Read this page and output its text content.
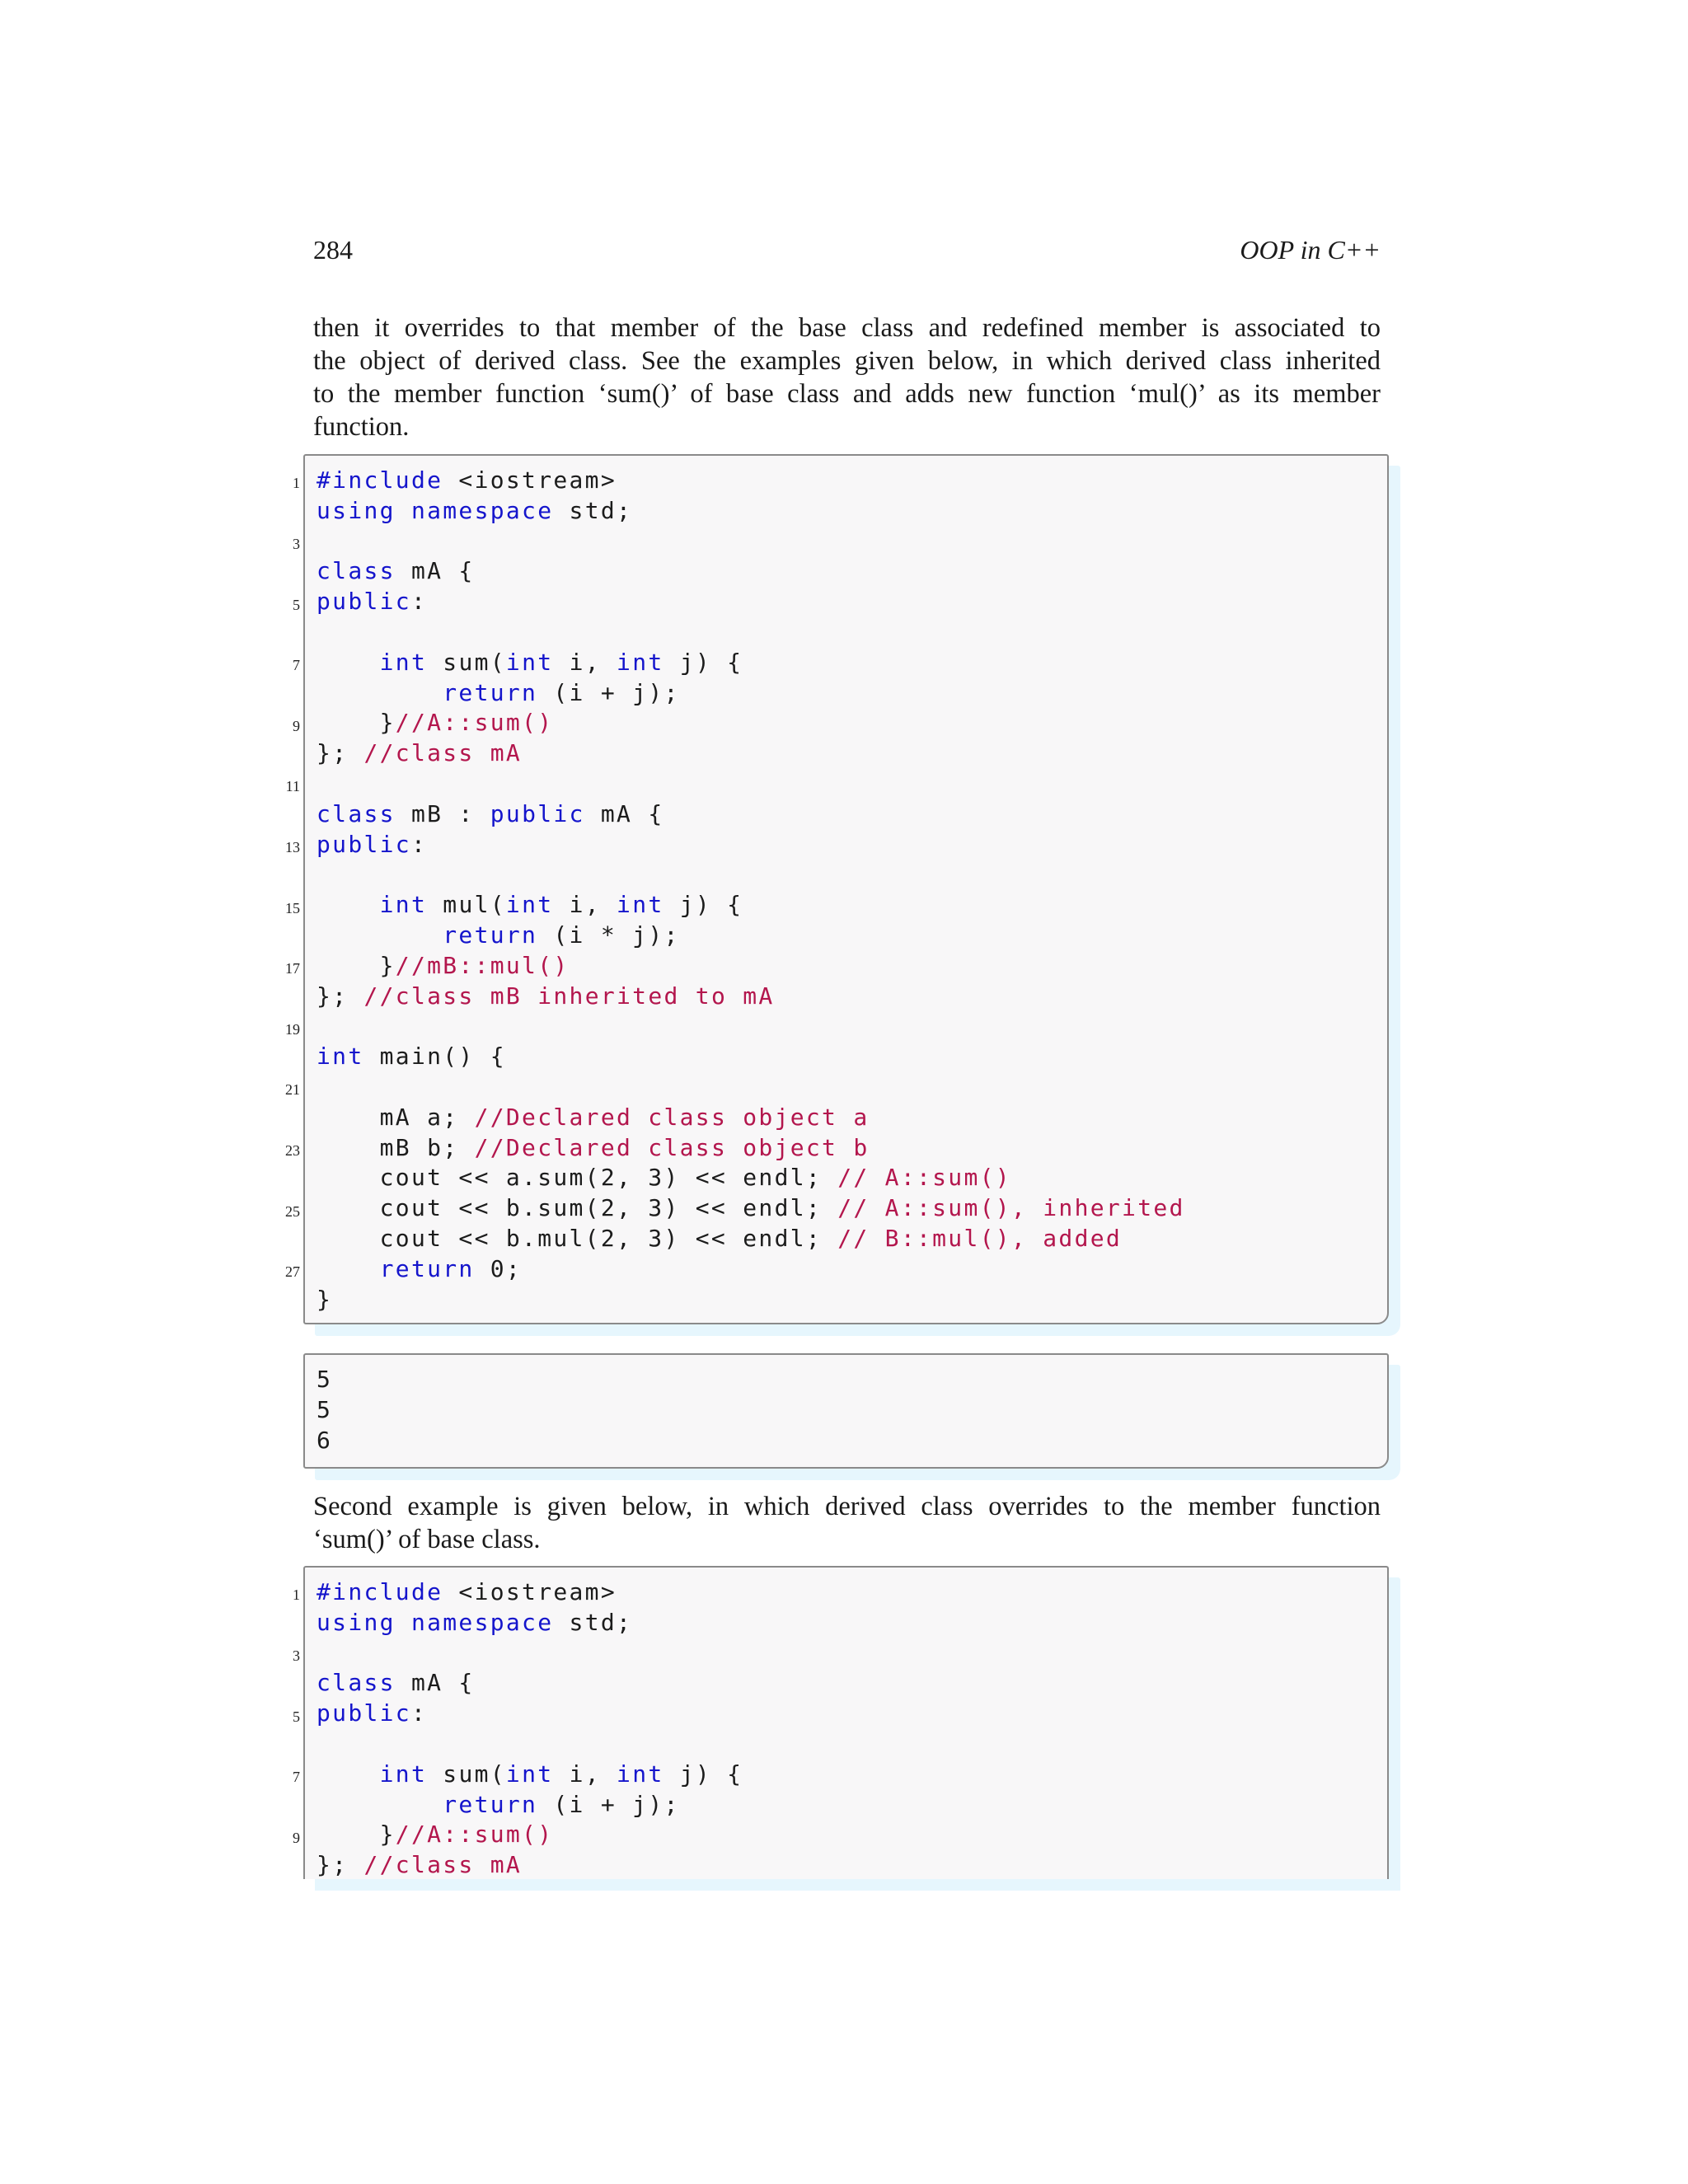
284	OOP in C++
then it overrides to that member of the base class and redefined member is associated to
the object of derived class. See the examples given below, in which derived class inherited
to the member function ‘sum()’ of base class and adds new function ‘mul()’ as its member
function.
#include <iostream>
using namespace std;
class mA {
public:
int sum(int i, int j) {
return (i + j);
}//A::sum()
}; //class mA
class mB : public mA {
public:
int mul(int i, int j) {
return (i * j);
}//mB::mul()
}; //class mB inherited to mA
int main() {
mA a; //Declared class object a
mB b; //Declared class object b
cout << a.sum(2, 3) << endl; // A::sum()
cout << b.sum(2, 3) << endl; // A::sum(), inherited
cout << b.mul(2, 3) << endl; // B::mul(), added
return 0;
}
1
3
5
7
9
11
13
15
17
19
21
23
25
27
5
5
6
Second example is given below, in which derived class overrides to the member function
‘sum()’ of base class.
#include <iostream>
using namespace std;
class mA {
public:
int sum(int i, int j) {
return (i + j);
}//A::sum()
}; //class mA
1
3
5
7
9
